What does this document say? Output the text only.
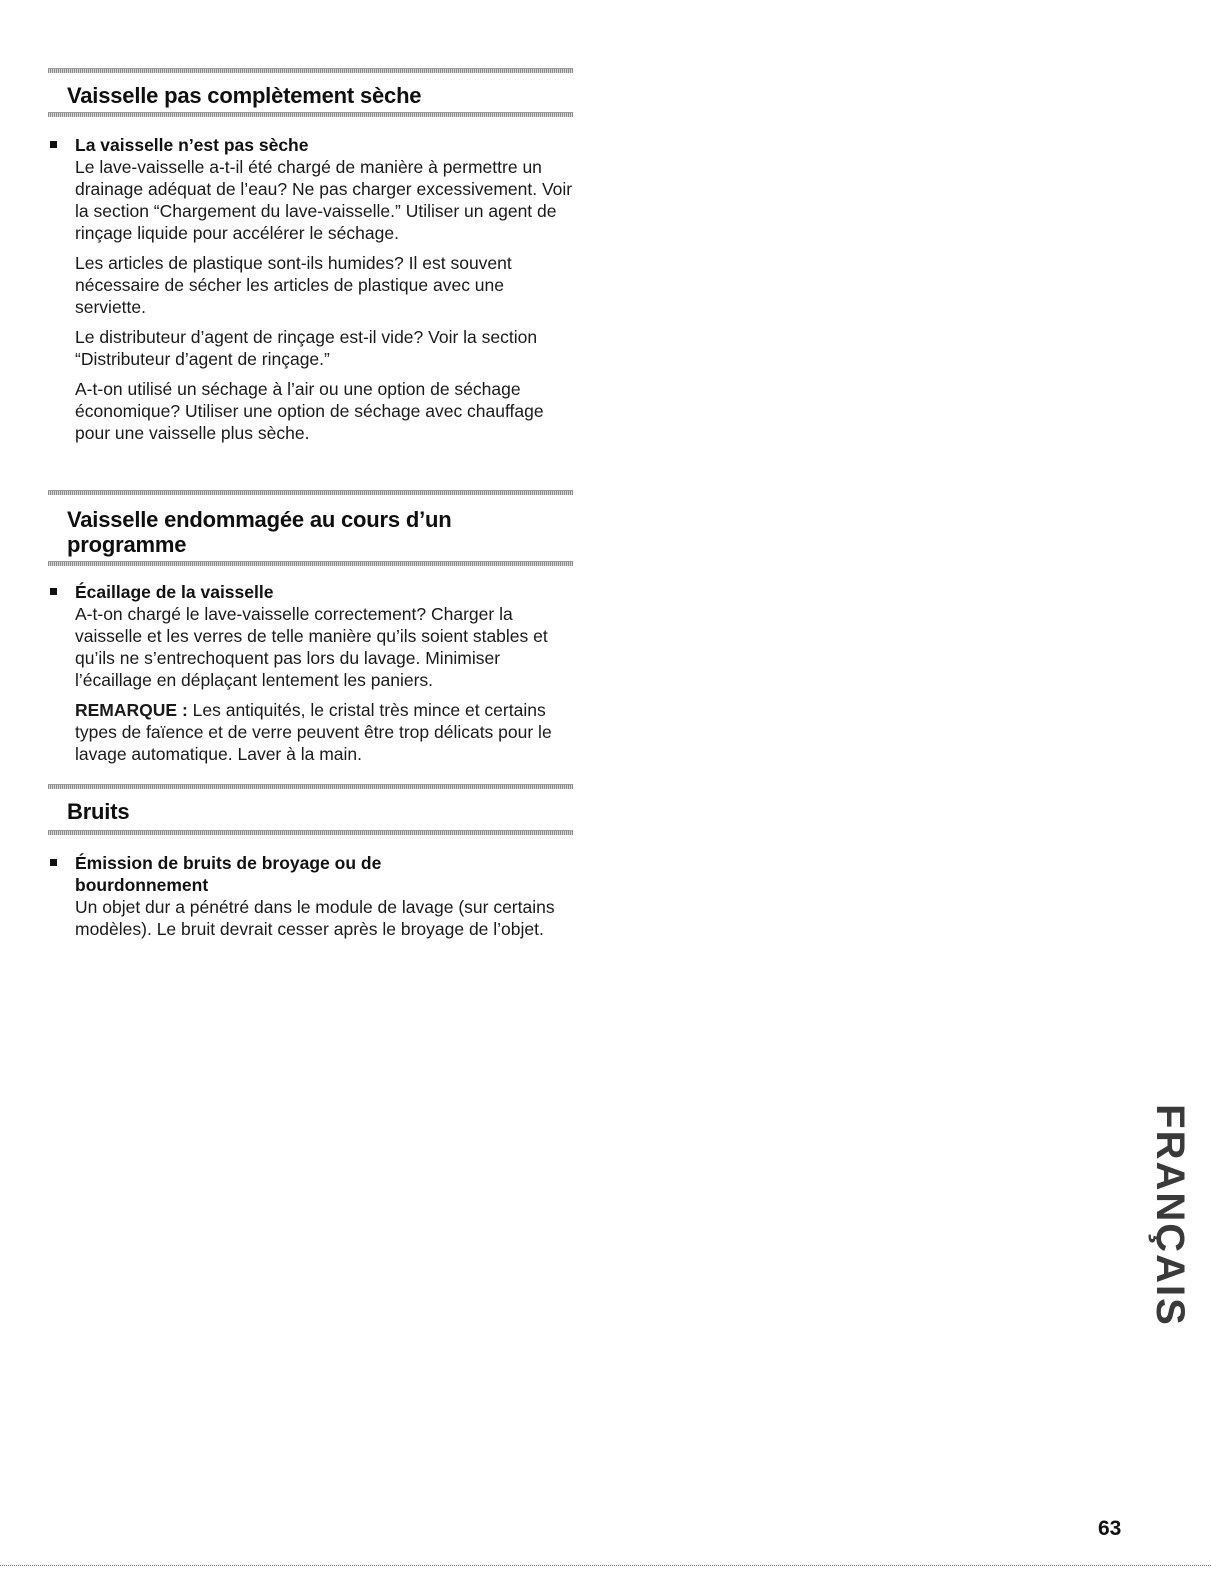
Vaisselle pas complètement sèche

La vaisselle n’est pas sèche

Le lave-vaisselle a-t-il été chargé de manière à permettre un drainage adéquat de l’eau? Ne pas charger excessivement. Voir la section “Chargement du lave-vaisselle.” Utiliser un agent de rinçage liquide pour accélérer le séchage.

Les articles de plastique sont-ils humides? Il est souvent nécessaire de sécher les articles de plastique avec une serviette.

Le distributeur d’agent de rinçage est-il vide? Voir la section “Distributeur d’agent de rinçage.”

A-t-on utilisé un séchage à l’air ou une option de séchage économique? Utiliser une option de séchage avec chauffage pour une vaisselle plus sèche.

Vaisselle endommagée au cours d’un
programme

Écaillage de la vaisselle

A-t-on chargé le lave-vaisselle correctement? Charger la vaisselle et les verres de telle manière qu’ils soient stables et qu’ils ne s’entrechoquent pas lors du lavage. Minimiser l’écaillage en déplaçant lentement les paniers.

REMARQUE : Les antiquités, le cristal très mince et certains types de faïence et de verre peuvent être trop délicats pour le lavage automatique. Laver à la main.

Bruits

Émission de bruits de broyage ou de

bourdonnement

Un objet dur a pénétré dans le module de lavage (sur certains modèles). Le bruit devrait cesser après le broyage de l’objet.

FRANÇAIS
63
